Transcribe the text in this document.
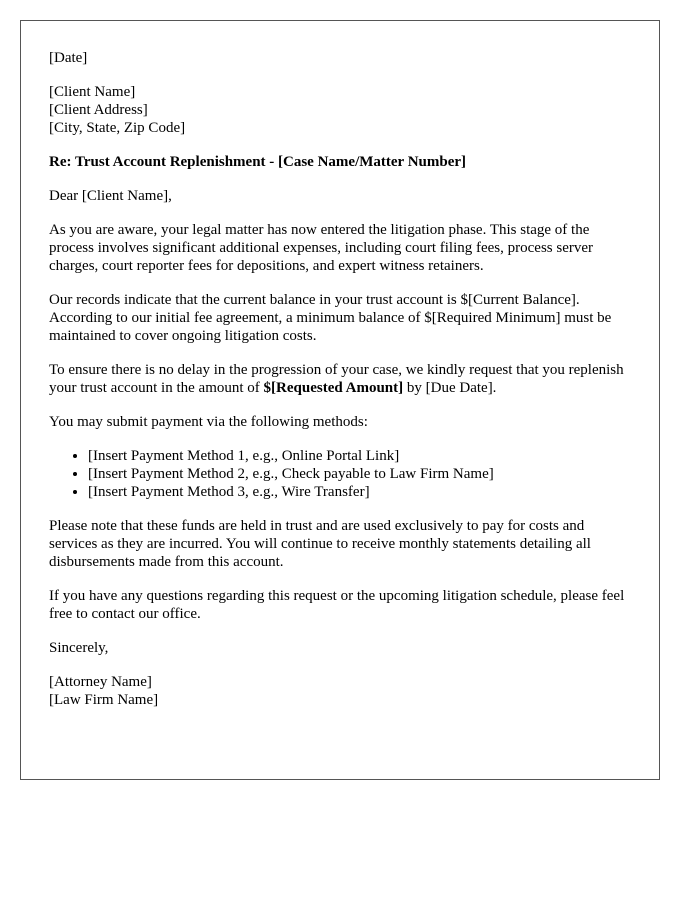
[Date]

[Client Name]
[Client Address]
[City, State, Zip Code]

Re: Trust Account Replenishment - [Case Name/Matter Number]

Dear [Client Name],

As you are aware, your legal matter has now entered the litigation phase. This stage of the process involves significant additional expenses, including court filing fees, process server charges, court reporter fees for depositions, and expert witness retainers.

Our records indicate that the current balance in your trust account is $[Current Balance]. According to our initial fee agreement, a minimum balance of $[Required Minimum] must be maintained to cover ongoing litigation costs.

To ensure there is no delay in the progression of your case, we kindly request that you replenish your trust account in the amount of $[Requested Amount] by [Due Date].

You may submit payment via the following methods:

• [Insert Payment Method 1, e.g., Online Portal Link]
• [Insert Payment Method 2, e.g., Check payable to Law Firm Name]
• [Insert Payment Method 3, e.g., Wire Transfer]

Please note that these funds are held in trust and are used exclusively to pay for costs and services as they are incurred. You will continue to receive monthly statements detailing all disbursements made from this account.

If you have any questions regarding this request or the upcoming litigation schedule, please feel free to contact our office.

Sincerely,

[Attorney Name]
[Law Firm Name]
